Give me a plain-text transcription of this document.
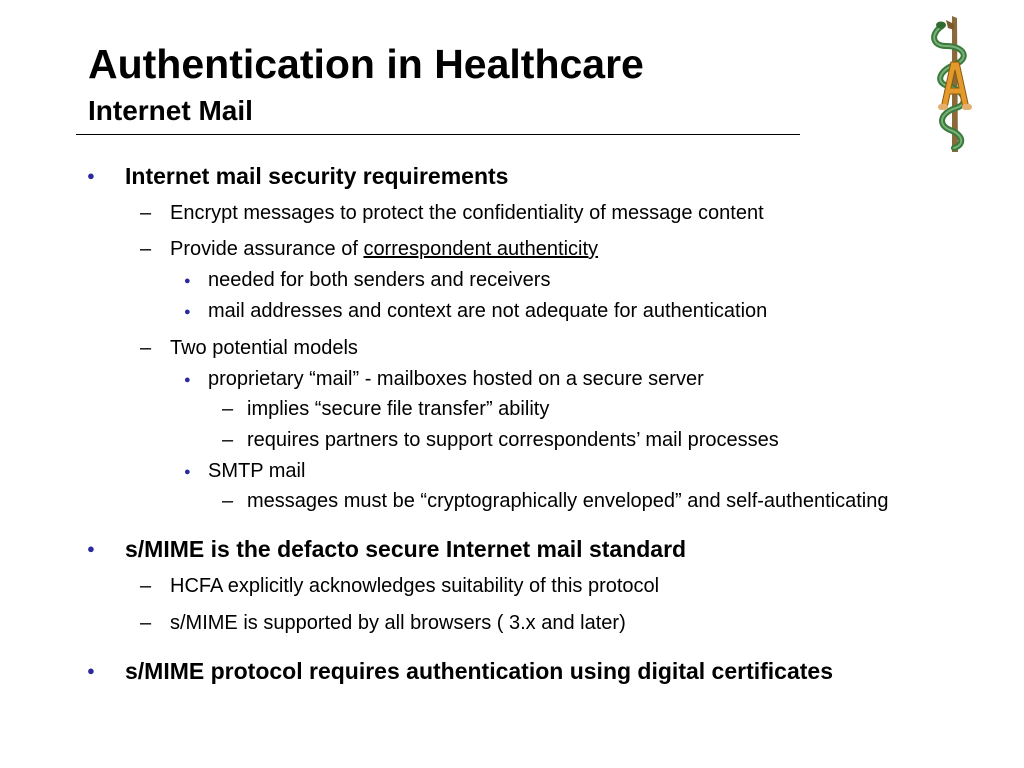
Authentication in Healthcare
Internet Mail
● Internet mail security requirements
– Encrypt messages to protect the confidentiality of message content
– Provide assurance of correspondent authenticity
● needed for both senders and receivers
● mail addresses and context are not adequate for authentication
– Two potential models
● proprietary “mail” - mailboxes hosted on a secure server
– implies “secure file transfer” ability
– requires partners to support correspondents’ mail processes
● SMTP mail
– messages must be “cryptographically enveloped” and self-authenticating
● s/MIME is the defacto secure Internet mail standard
– HCFA explicitly acknowledges suitability of this protocol
– s/MIME is supported by all browsers ( 3.x and later)
● s/MIME protocol requires authentication using digital certificates
